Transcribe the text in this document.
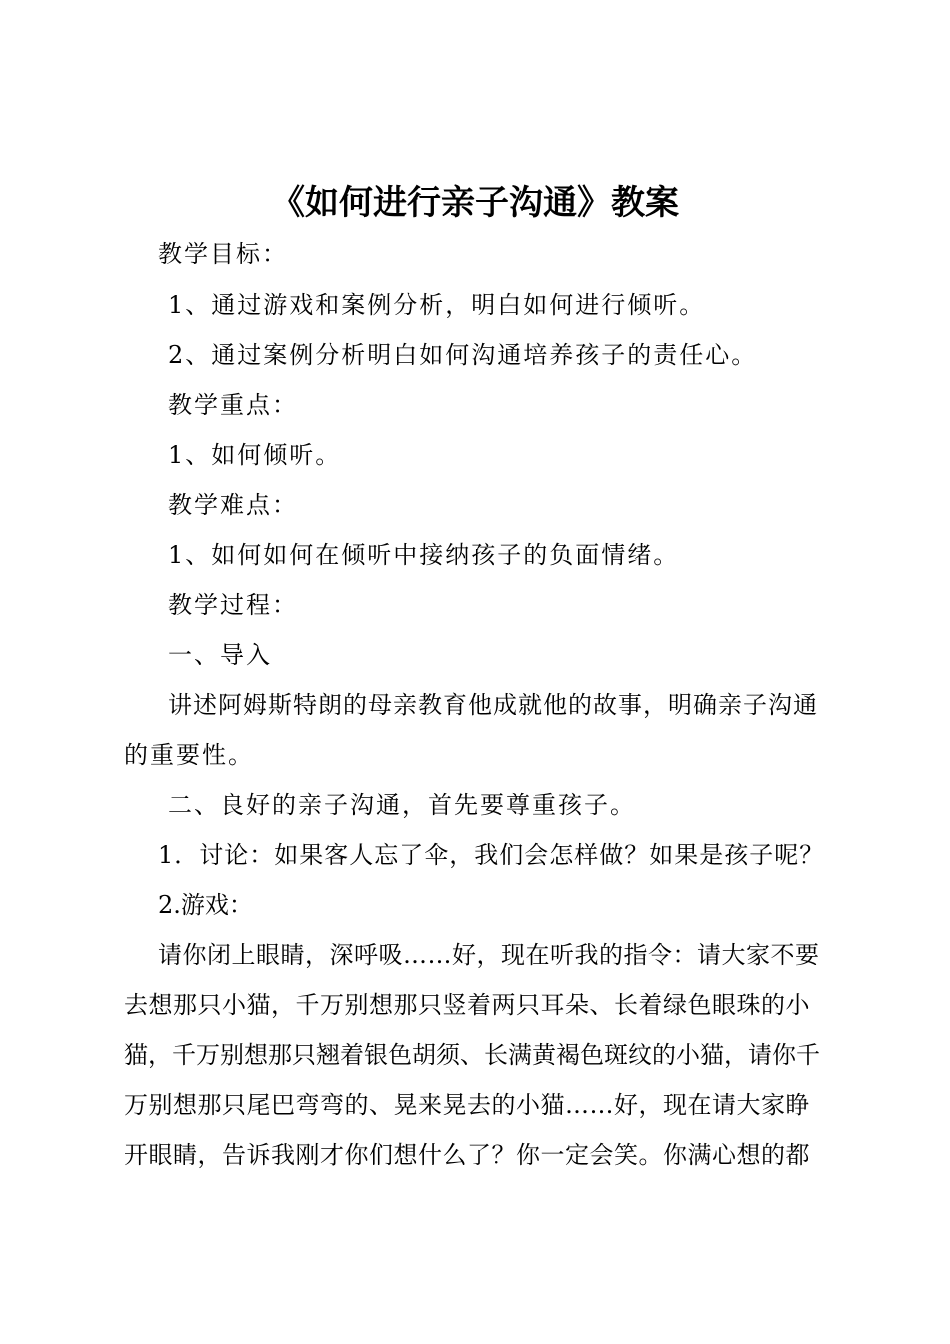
《如何进行亲子沟通》教案
教学目标：
1、通过游戏和案例分析，明白如何进行倾听。
2、通过案例分析明白如何沟通培养孩子的责任心。
教学重点：
1、如何倾听。
教学难点：
1、如何如何在倾听中接纳孩子的负面情绪。
教学过程：
一、导入
讲述阿姆斯特朗的母亲教育他成就他的故事，明确亲子沟通
的重要性。
二、良好的亲子沟通，首先要尊重孩子。
1．讨论：如果客人忘了伞，我们会怎样做？如果是孩子呢？
2.游戏：
请你闭上眼睛，深呼吸……好，现在听我的指令：请大家不要
去想那只小猫，千万别想那只竖着两只耳朵、长着绿色眼珠的小
猫，千万别想那只翘着银色胡须、长满黄褐色斑纹的小猫，请你千
万别想那只尾巴弯弯的、晃来晃去的小猫……好，现在请大家睁
开眼睛，告诉我刚才你们想什么了？你一定会笑。你满心想的都
